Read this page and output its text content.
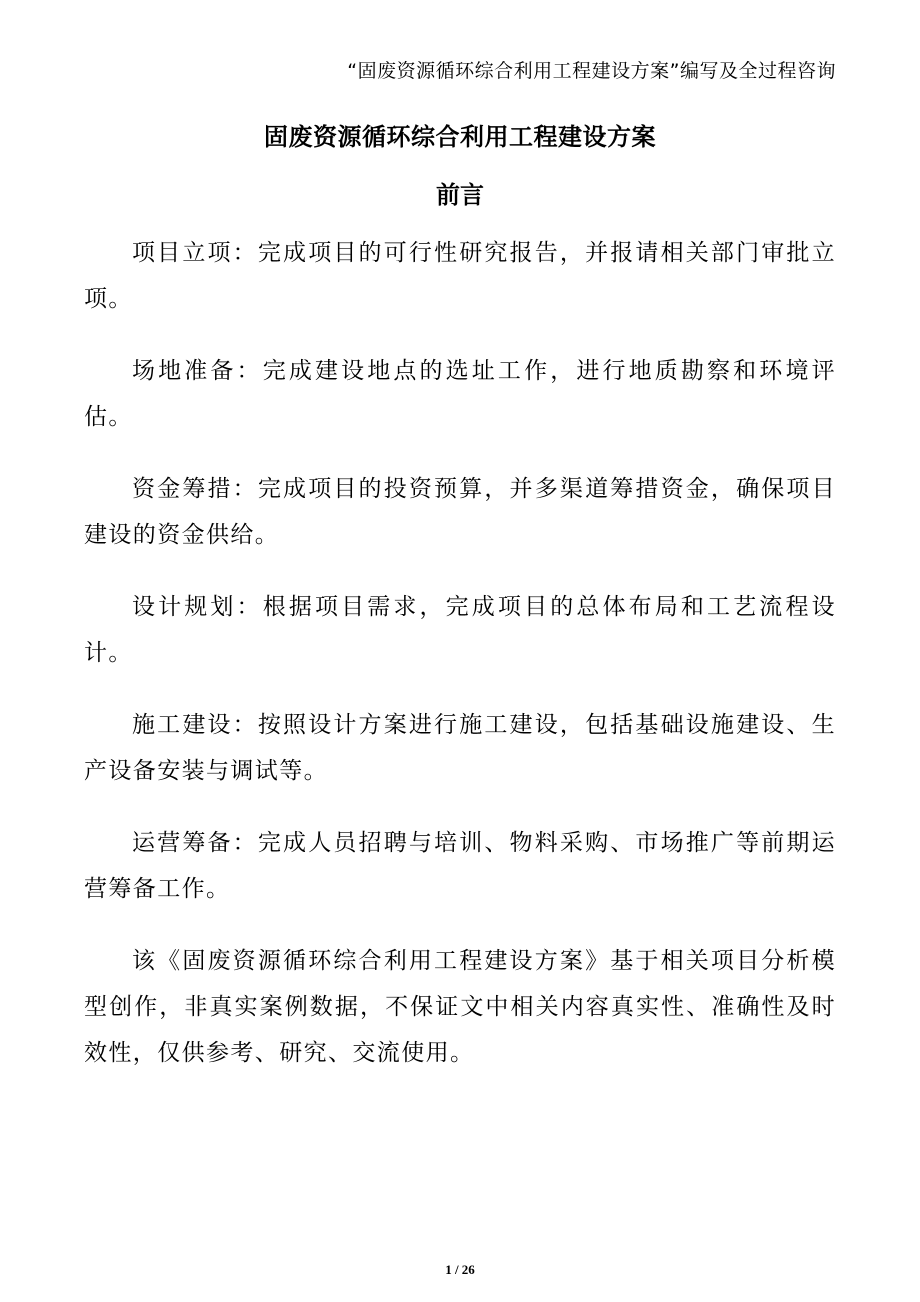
“固废资源循环综合利用工程建设方案”编写及全过程咨询
固废资源循环综合利用工程建设方案
前言

项目立项：完成项目的可行性研究报告，并报请相关部门审批立项。

场地准备：完成建设地点的选址工作，进行地质勘察和环境评估。

资金筹措：完成项目的投资预算，并多渠道筹措资金，确保项目建设的资金供给。

设计规划：根据项目需求，完成项目的总体布局和工艺流程设计。

施工建设：按照设计方案进行施工建设，包括基础设施建设、生产设备安装与调试等。

运营筹备：完成人员招聘与培训、物料采购、市场推广等前期运营筹备工作。

该《固废资源循环综合利用工程建设方案》基于相关项目分析模型创作，非真实案例数据，不保证文中相关内容真实性、准确性及时效性，仅供参考、研究、交流使用。

1 / 26
